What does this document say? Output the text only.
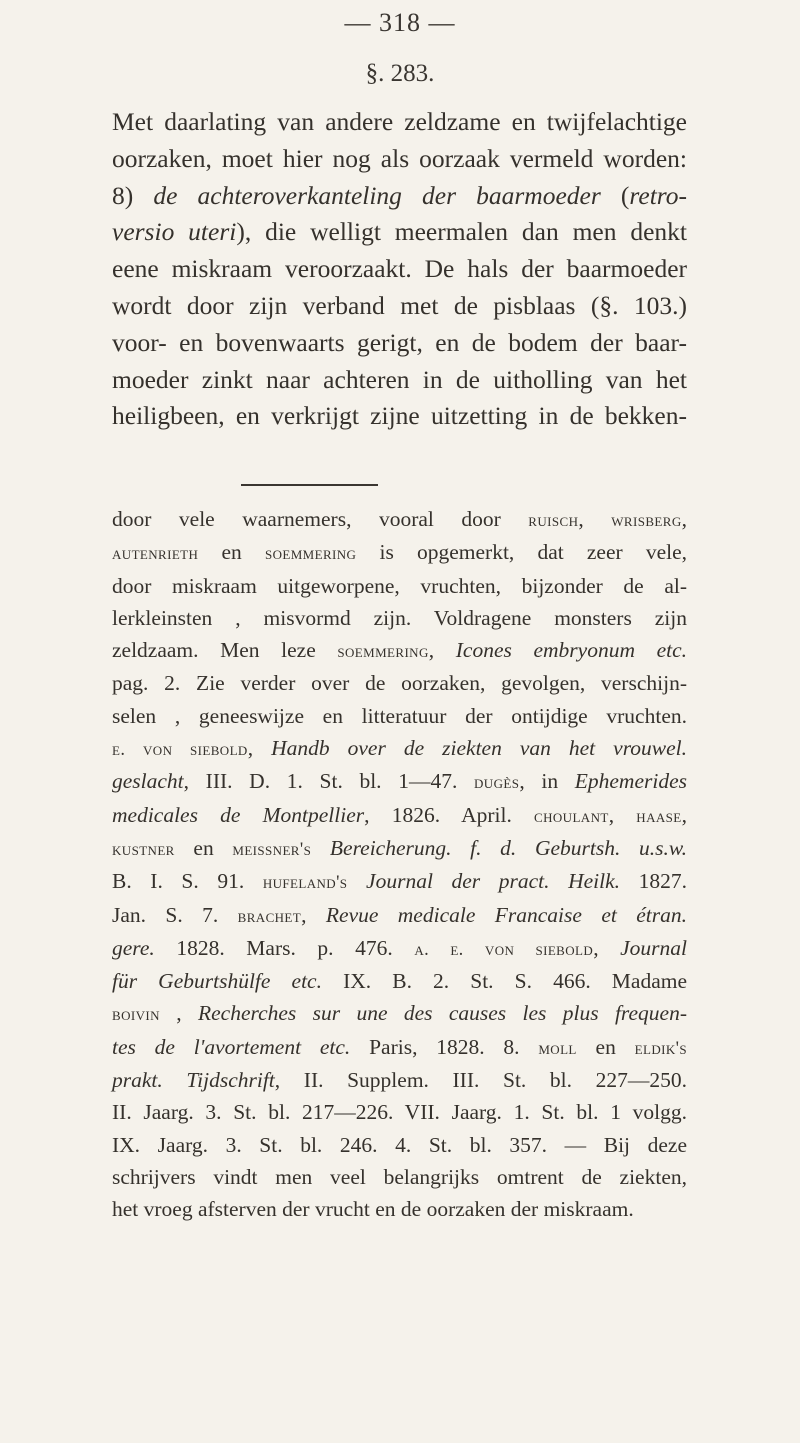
— 318 —
§. 283.
Met daarlating van andere zeldzame en twijfelachtige
oorzaken, moet hier nog als oorzaak vermeld worden:
8) de achteroverkanteling der baarmoeder (retro-
versio uteri), die welligt meermalen dan men denkt
eene miskraam veroorzaakt. De hals der baarmoeder
wordt door zijn verband met de pisblaas (§. 103.)
voor- en bovenwaarts gerigt, en de bodem der baar-
moeder zinkt naar achteren in de uitholling van het
heiligbeen, en verkrijgt zijne uitzetting in de bekken-
door vele waarnemers, vooral door ruisch, wrisberg,
autenrieth en soemmering is opgemerkt, dat zeer vele,
door miskraam uitgeworpene, vruchten, bijzonder de al-
lerkleinsten , misvormd zijn. Voldragene monsters zijn
zeldzaam. Men leze soemmering, Icones embryonum etc.
pag. 2. Zie verder over de oorzaken, gevolgen, verschijn-
selen , geneeswijze en litteratuur der ontijdige vruchten.
e. von siebold, Handb over de ziekten van het vrouwel.
geslacht, III. D. 1. St. bl. 1—47. dugès, in Ephemerides
medicales de Montpellier, 1826. April. choulant, haase,
kustner en meissner's Bereicherung. f. d. Geburtsh. u.s.w.
B. I. S. 91. hufeland's Journal der pract. Heilk. 1827.
Jan. S. 7. brachet, Revue medicale Francaise et étran.
gere. 1828. Mars. p. 476. a. e. von siebold, Journal
für Geburtshülfe etc. IX. B. 2. St. S. 466. Madame
boivin , Recherches sur une des causes les plus frequen-
tes de l'avortement etc. Paris, 1828. 8. moll en eldik's
prakt. Tijdschrift, II. Supplem. III. St. bl. 227—250.
II. Jaarg. 3. St. bl. 217—226. VII. Jaarg. 1. St. bl. 1 volgg.
IX. Jaarg. 3. St. bl. 246. 4. St. bl. 357. — Bij deze
schrijvers vindt men veel belangrijks omtrent de ziekten,
het vroeg afsterven der vrucht en de oorzaken der miskraam.
